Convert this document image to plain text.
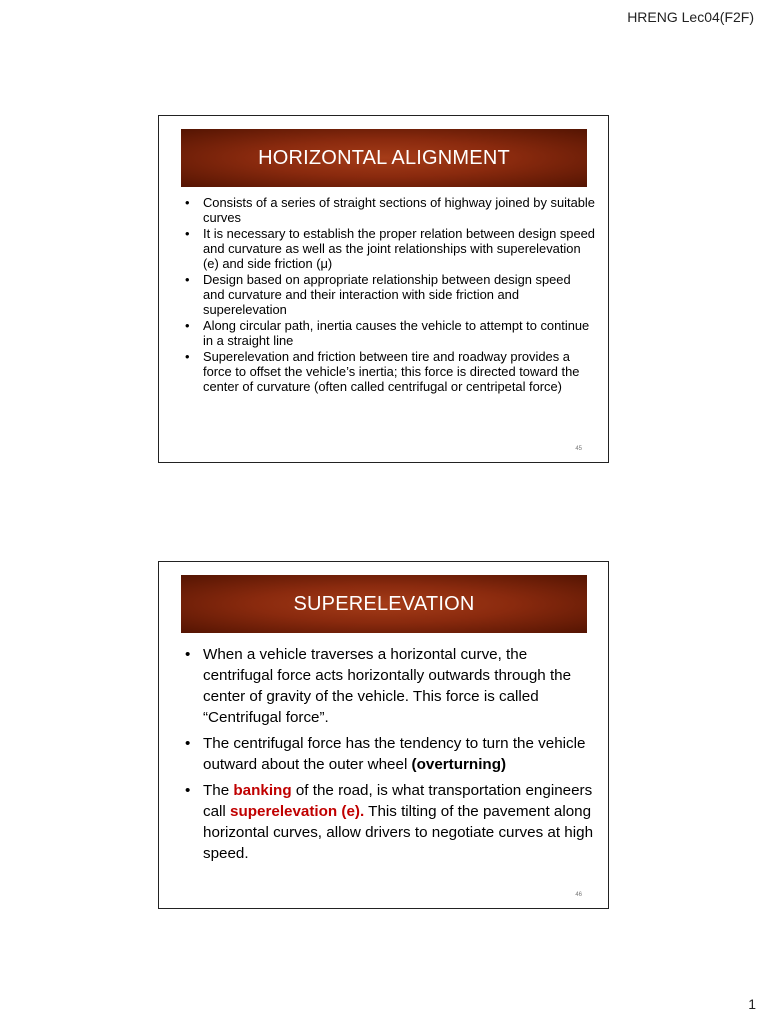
HRENG Lec04(F2F)
HORIZONTAL ALIGNMENT
• Consists of a series of straight sections of highway joined by suitable curves
• It is necessary to establish the proper relation between design speed and curvature as well as the joint relationships with superelevation (e) and side friction (μ)
• Design based on appropriate relationship between design speed and curvature and their interaction with side friction and superelevation
• Along circular path, inertia causes the vehicle to attempt to continue in a straight line
• Superelevation and friction between tire and roadway provides a force to offset the vehicle’s inertia; this force is directed toward the center of curvature (often called centrifugal or centripetal force)
45
SUPERELEVATION
• When a vehicle traverses a horizontal curve, the centrifugal force acts horizontally outwards through the center of gravity of the vehicle. This force is called “Centrifugal force”.
• The centrifugal force has the tendency to turn the vehicle outward about the outer wheel (overturning)
• The banking of the road, is what transportation engineers call superelevation (e). This tilting of the pavement along horizontal curves, allow drivers to negotiate curves at high speed.
46
1
